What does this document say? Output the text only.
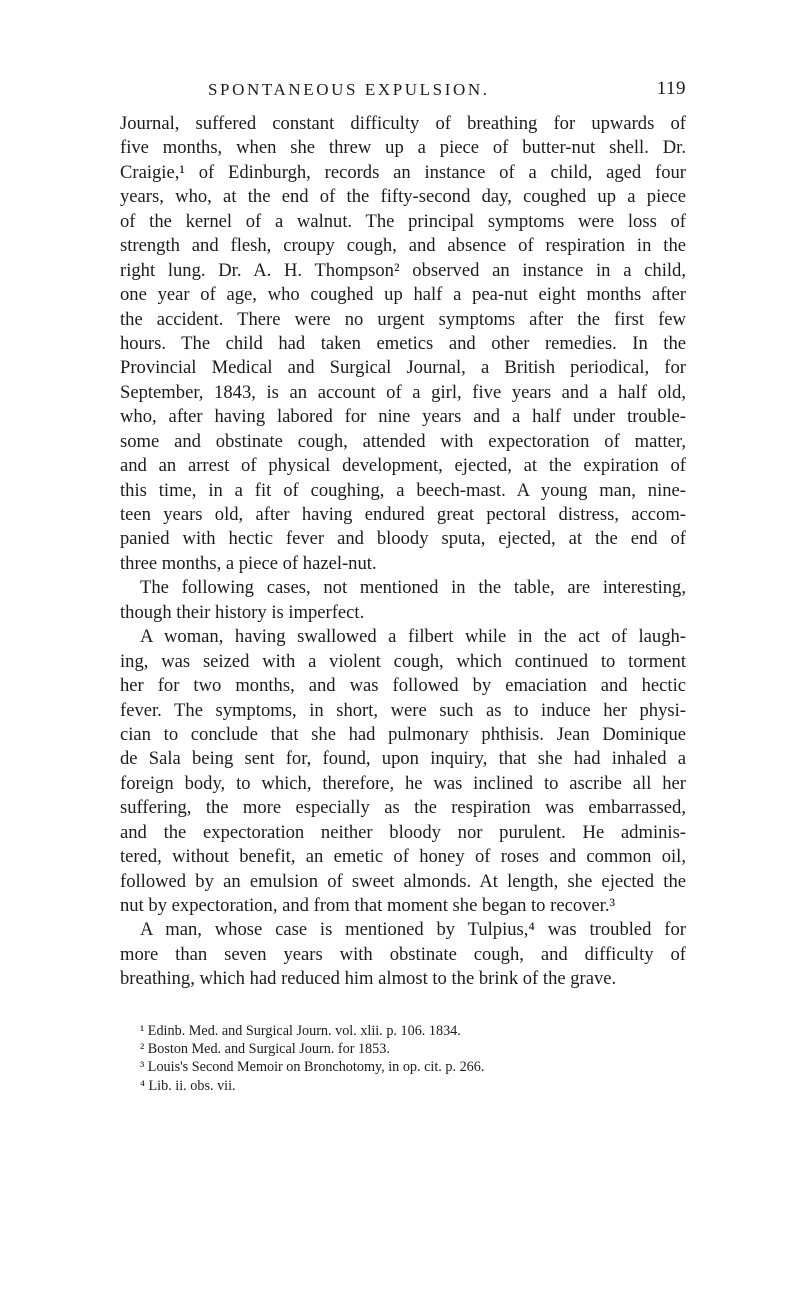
SPONTANEOUS EXPULSION.	119
Journal, suffered constant difficulty of breathing for upwards of
five months, when she threw up a piece of butter-nut shell. Dr.
Craigie,¹ of Edinburgh, records an instance of a child, aged four
years, who, at the end of the fifty-second day, coughed up a piece
of the kernel of a walnut. The principal symptoms were loss of
strength and flesh, croupy cough, and absence of respiration in the
right lung. Dr. A. H. Thompson² observed an instance in a child,
one year of age, who coughed up half a pea-nut eight months after
the accident. There were no urgent symptoms after the first few
hours. The child had taken emetics and other remedies. In the
Provincial Medical and Surgical Journal, a British periodical, for
September, 1843, is an account of a girl, five years and a half old,
who, after having labored for nine years and a half under trouble-
some and obstinate cough, attended with expectoration of matter,
and an arrest of physical development, ejected, at the expiration of
this time, in a fit of coughing, a beech-mast. A young man, nine-
teen years old, after having endured great pectoral distress, accom-
panied with hectic fever and bloody sputa, ejected, at the end of
three months, a piece of hazel-nut.
The following cases, not mentioned in the table, are interesting,
though their history is imperfect.
A woman, having swallowed a filbert while in the act of laugh-
ing, was seized with a violent cough, which continued to torment
her for two months, and was followed by emaciation and hectic
fever. The symptoms, in short, were such as to induce her physi-
cian to conclude that she had pulmonary phthisis. Jean Dominique
de Sala being sent for, found, upon inquiry, that she had inhaled a
foreign body, to which, therefore, he was inclined to ascribe all her
suffering, the more especially as the respiration was embarrassed,
and the expectoration neither bloody nor purulent. He adminis-
tered, without benefit, an emetic of honey of roses and common oil,
followed by an emulsion of sweet almonds. At length, she ejected the
nut by expectoration, and from that moment she began to recover.³
A man, whose case is mentioned by Tulpius,⁴ was troubled for
more than seven years with obstinate cough, and difficulty of
breathing, which had reduced him almost to the brink of the grave.
¹ Edinb. Med. and Surgical Journ. vol. xlii. p. 106. 1834.
² Boston Med. and Surgical Journ. for 1853.
³ Louis's Second Memoir on Bronchotomy, in op. cit. p. 266.
⁴ Lib. ii. obs. vii.
